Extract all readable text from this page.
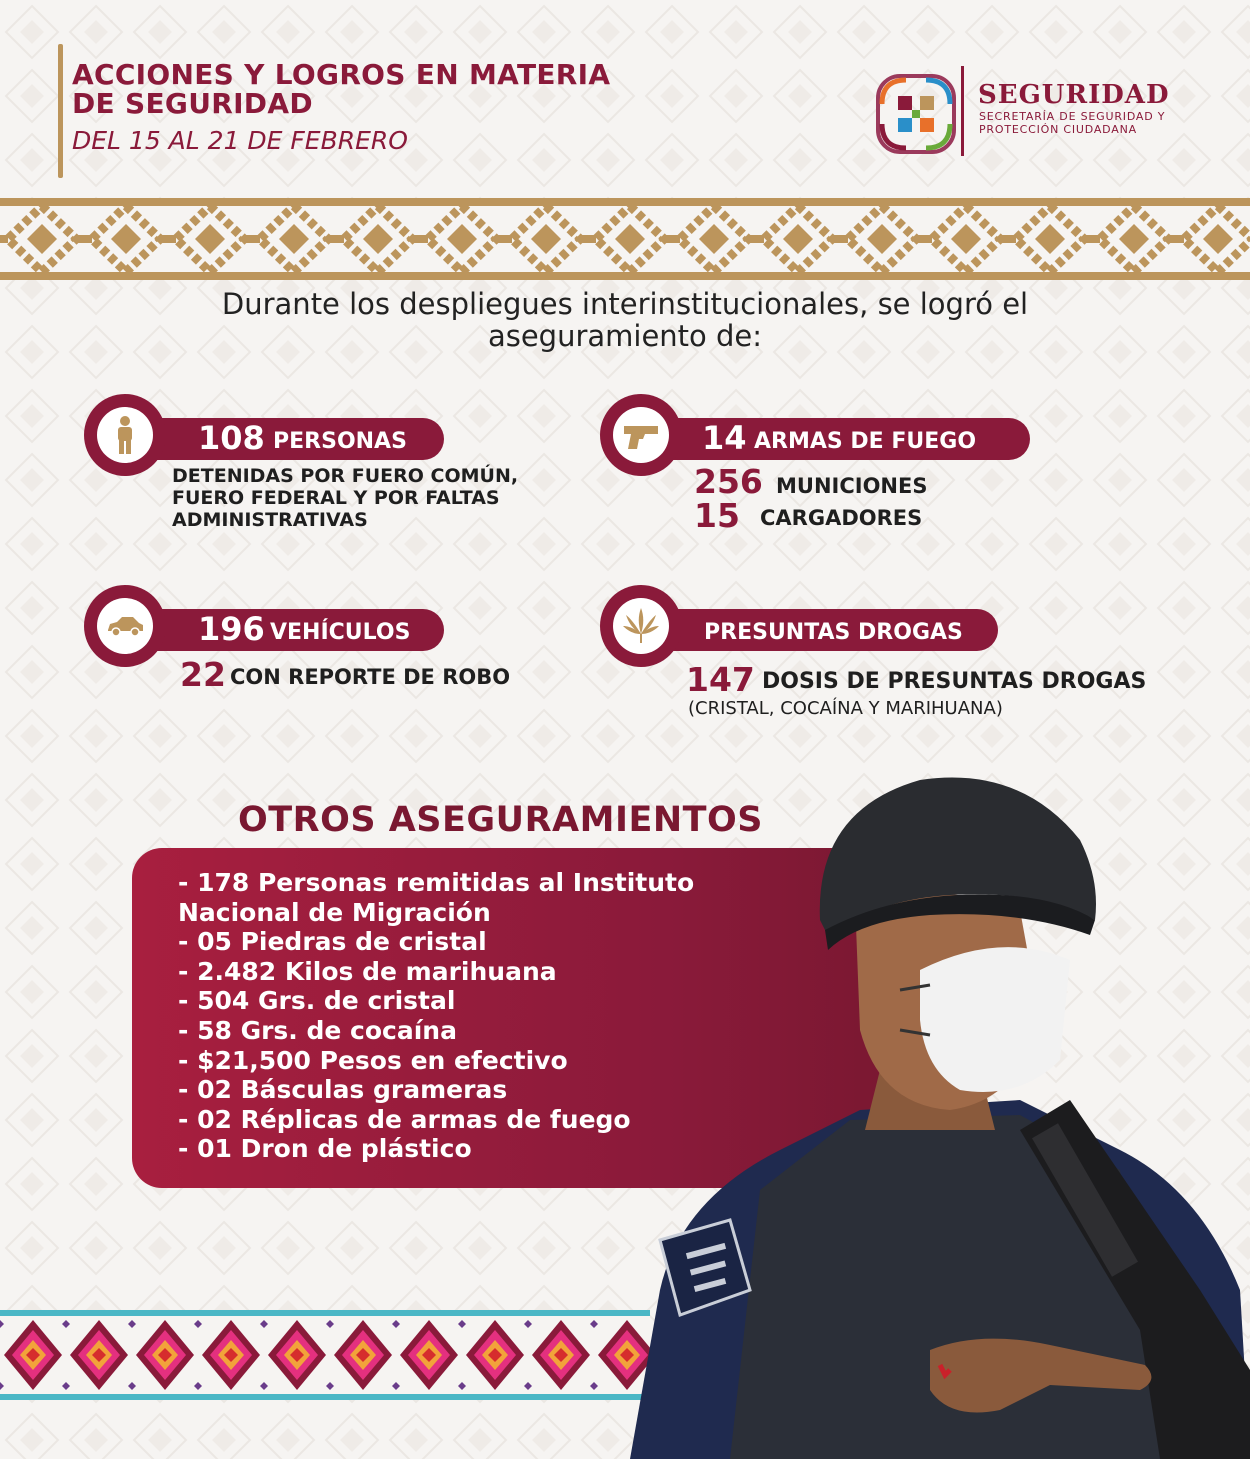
ACCIONES Y LOGROS EN MATERIA
DE SEGURIDAD
DEL 15 AL 21 DE FEBRERO
SEGURIDAD
SECRETARÍA DE SEGURIDAD Y
PROTECCIÓN CIUDADANA
Durante los despliegues interinstitucionales, se logró el
aseguramiento de:
108 PERSONAS
DETENIDAS POR FUERO COMÚN,
FUERO FEDERAL Y POR FALTAS
ADMINISTRATIVAS
14 ARMAS DE FUEGO
256 MUNICIONES
15 CARGADORES
196 VEHÍCULOS
22 CON REPORTE DE ROBO
PRESUNTAS DROGAS
147 DOSIS DE PRESUNTAS DROGAS
(CRISTAL, COCAÍNA Y MARIHUANA)
OTROS ASEGURAMIENTOS
- 178 Personas remitidas al Instituto
Nacional de Migración
- 05 Piedras de cristal
- 2.482 Kilos de marihuana
- 504 Grs. de cristal
- 58 Grs. de cocaína
- $21,500 Pesos en efectivo
- 02 Básculas grameras
- 02 Réplicas de armas de fuego
- 01 Dron de plástico
